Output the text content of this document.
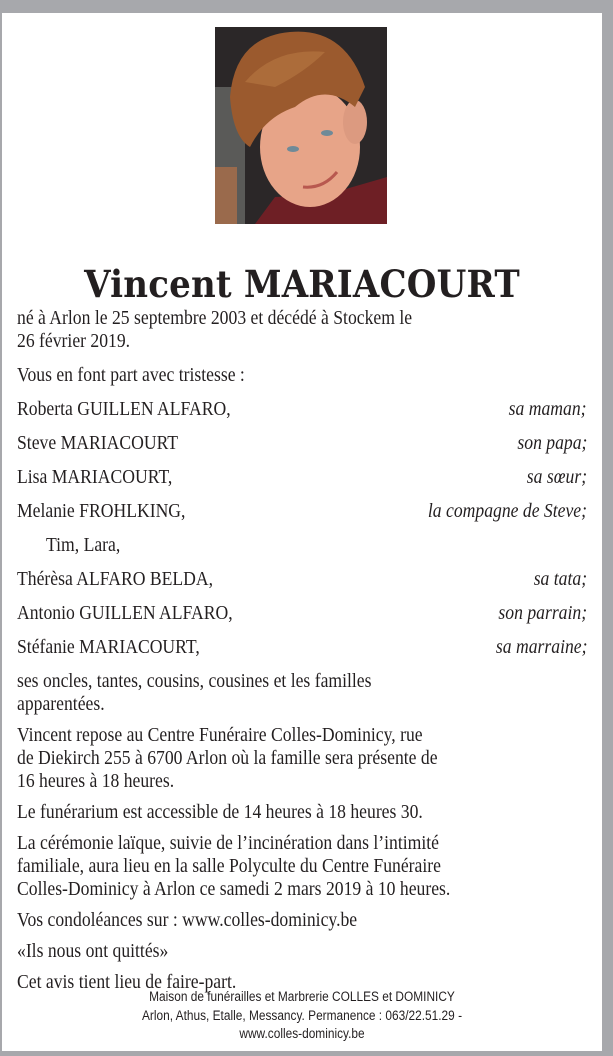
Vincent MARIACOURT
né à Arlon le 25 septembre 2003 et décédé à Stockem le
26 février 2019.
Vous en font part avec tristesse :
Roberta GUILLEN ALFARO,	sa maman;
Steve MARIACOURT	son papa;
Lisa MARIACOURT,	sa sœur;
Melanie FROHLKING,	la compagne de Steve;
Tim, Lara,
Thérèsa ALFARO BELDA,	sa tata;
Antonio GUILLEN ALFARO,	son parrain;
Stéfanie MARIACOURT,	sa marraine;
ses oncles, tantes, cousins, cousines et les familles
apparentées.
Vincent repose au Centre Funéraire Colles-Dominicy, rue
de Diekirch 255 à 6700 Arlon où la famille sera présente de
16 heures à 18 heures.
Le funérarium est accessible de 14 heures à 18 heures 30.
La cérémonie laïque, suivie de l’incinération dans l’intimité
familiale, aura lieu en la salle Polyculte du Centre Funéraire
Colles-Dominicy à Arlon ce samedi 2 mars 2019 à 10 heures.
Vos condoléances sur : www.colles-dominicy.be
«Ils nous ont quittés»
Cet avis tient lieu de faire-part.
Maison de funérailles et Marbrerie COLLES et DOMINICY
Arlon, Athus, Etalle, Messancy. Permanence : 063/22.51.29 -
www.colles-dominicy.be
